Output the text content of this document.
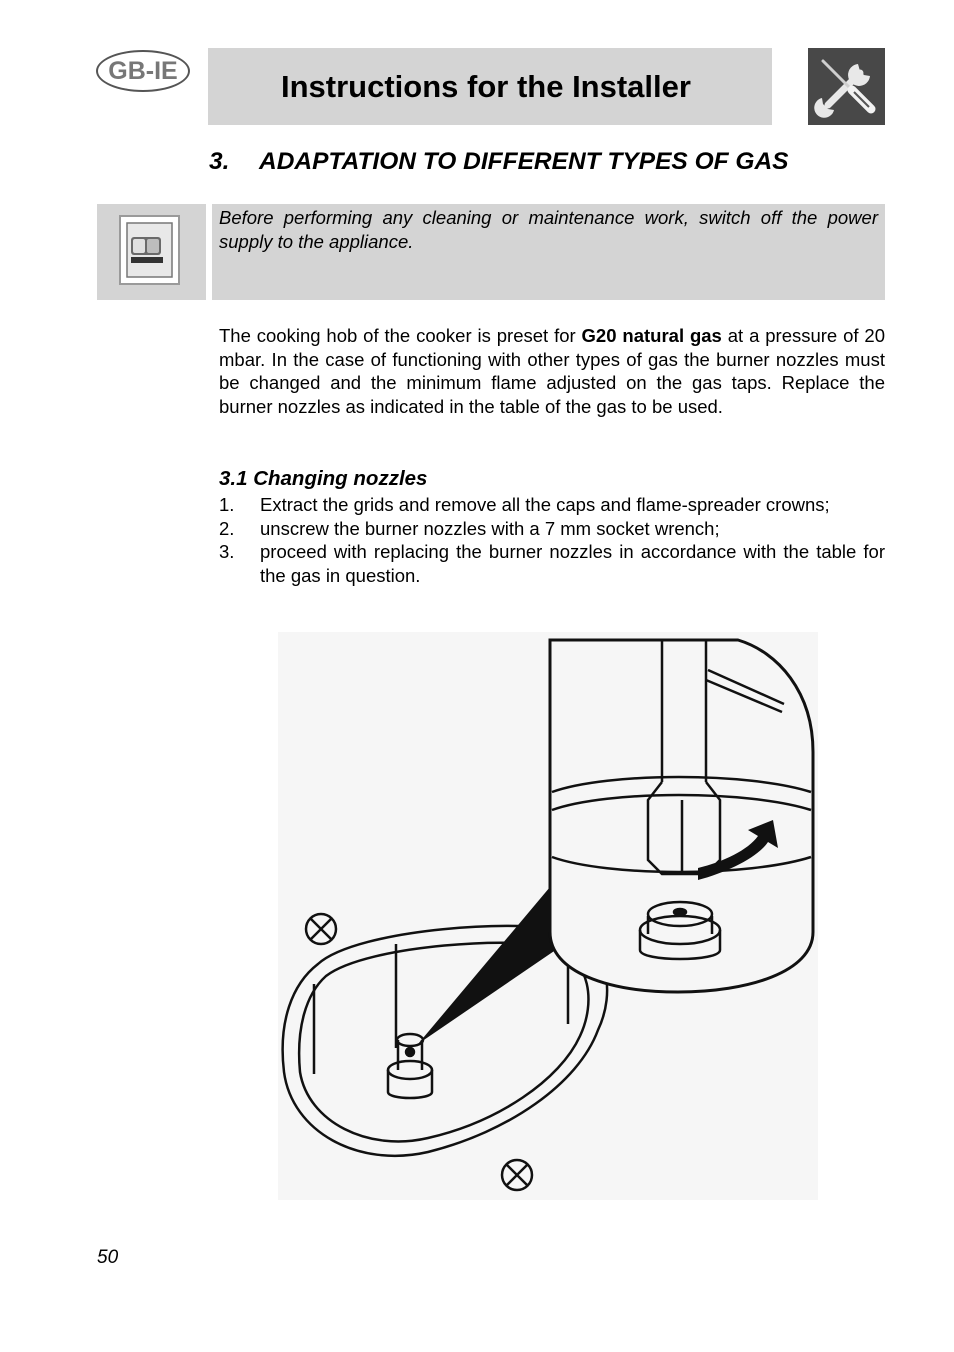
GB-IE	Instructions for the Installer
3. ADAPTATION TO DIFFERENT TYPES OF GAS
Before performing any cleaning or maintenance work, switch off the power supply to the appliance.
The cooking hob of the cooker is preset for G20 natural gas at a pressure of 20 mbar. In the case of functioning with other types of gas the burner nozzles must be changed and the minimum flame adjusted on the gas taps. Replace the burner nozzles as indicated in the table of the gas to be used.
3.1 Changing nozzles
1.	Extract the grids and remove all the caps and flame-spreader crowns;
2.	unscrew the burner nozzles with a 7 mm socket wrench;
3.	proceed with replacing the burner nozzles in accordance with the table for the gas in question.
50
